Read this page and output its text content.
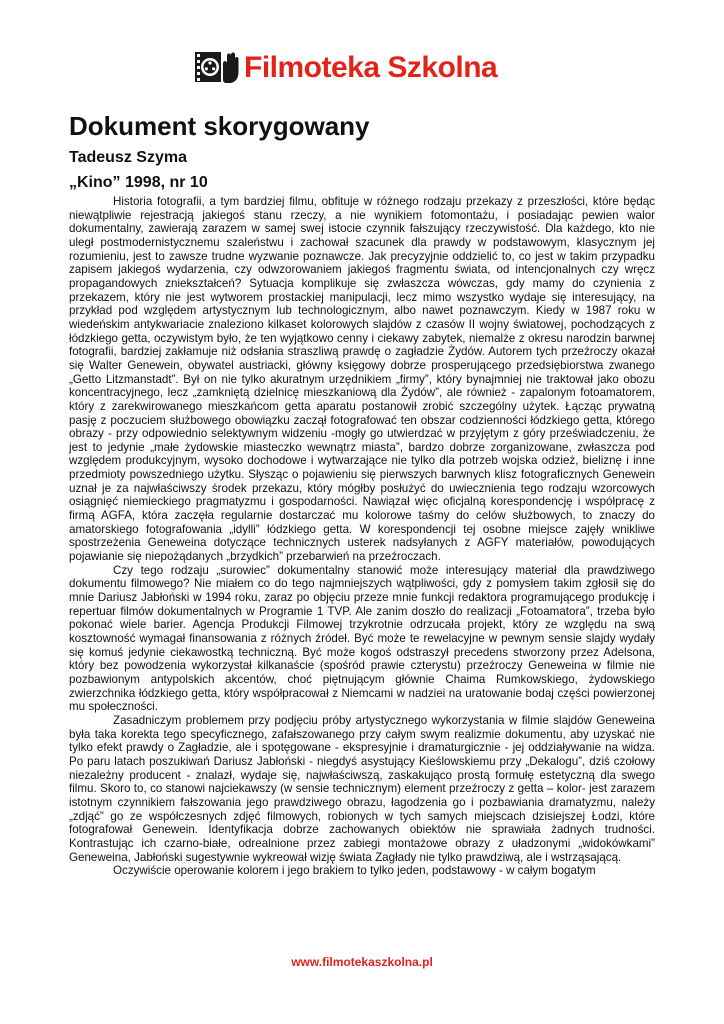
Filmoteka Szkolna
Dokument skorygowany
Tadeusz Szyma
„Kino” 1998, nr 10

Historia fotografii, a tym bardziej filmu, obfituje w różnego rodzaju przekazy z przeszłości, które będąc niewątpliwie rejestracją jakiegoś stanu rzeczy, a nie wynikiem fotomontażu, i posiadając pewien walor dokumentalny, zawierają zarazem w samej swej istocie czynnik fałszujący rzeczywistość. Dla każdego, kto nie uległ postmodernistycznemu szaleństwu i zachował szacunek dla prawdy w podstawowym, klasycznym jej rozumieniu, jest to zawsze trudne wyzwanie poznawcze. Jak precyzyjnie oddzielić to, co jest w takim przypadku zapisem jakiegoś wydarzenia, czy odwzorowaniem jakiegoś fragmentu świata, od intencjonalnych czy wręcz propagandowych zniekształceń? Sytuacja komplikuje się zwłaszcza wówczas, gdy mamy do czynienia z przekazem, który nie jest wytworem prostackiej manipulacji, lecz mimo wszystko wydaje się interesujący, na przykład pod względem artystycznym lub technologicznym, albo nawet poznawczym. Kiedy w 1987 roku w wiedeńskim antykwariacie znaleziono kilkaset kolorowych slajdów z czasów II wojny światowej, pochodzących z łódzkiego getta, oczywistym było, że ten wyjątkowo cenny i ciekawy zabytek, niemalże z okresu narodzin barwnej fotografii, bardziej zakłamuje niż odsłania straszliwą prawdę o zagładzie Żydów. Autorem tych przeźroczy okazał się Walter Genewein, obywatel austriacki, główny księgowy dobrze prosperującego przedsiębiorstwa zwanego „Getto Litzmanstadt”. Był on nie tylko akuratnym urzędnikiem „firmy”, który bynajmniej nie traktował jako obozu koncentracyjnego, lecz „zamkniętą dzielnicę mieszkaniową dla Żydów”, ale również - zapalonym fotoamatorem, który z zarekwirowanego mieszkańcom getta aparatu postanowił zrobić szczególny użytek. Łącząc prywatną pasję z poczuciem służbowego obowiązku zaczął fotografować ten obszar codzienności łódzkiego getta, którego obrazy - przy odpowiednio selektywnym widzeniu -mogły go utwierdzać w przyjętym z góry przeświadczeniu, że jest to jedynie „małe żydowskie miasteczko wewnątrz miasta”, bardzo dobrze zorganizowane, zwłaszcza pod względem produkcyjnym, wysoko dochodowe i wytwarzające nie tylko dla potrzeb wojska odzież, bieliznę i inne przedmioty powszedniego użytku. Słysząc o pojawieniu się pierwszych barwnych klisz fotograficznych Genewein uznał je za najwłaściwszy środek przekazu, który mógłby posłużyć do uwiecznienia tego rodzaju wzorcowych osiągnięć niemieckiego pragmatyzmu i gospodarności. Nawiązał więc oficjalną korespondencję i współpracę z firmą AGFA, która zaczęła regularnie dostarczać mu kolorowe taśmy do celów służbowych, to znaczy do amatorskiego fotografowania „idylli” łódzkiego getta. W korespondencji tej osobne miejsce zajęły wnikliwe spostrzeżenia Geneweina dotyczące technicznych usterek nadsyłanych z AGFY materiałów, powodujących pojawianie się niepożądanych „brzydkich” przebarwień na przeźroczach.

Czy tego rodzaju „surowiec” dokumentalny stanowić może interesujący materiał dla prawdziwego dokumentu filmowego? Nie miałem co do tego najmniejszych wątpliwości, gdy z pomysłem takim zgłosił się do mnie Dariusz Jabłoński w 1994 roku, zaraz po objęciu przeze mnie funkcji redaktora programującego produkcję i repertuar filmów dokumentalnych w Programie 1 TVP. Ale zanim doszło do realizacji „Fotoamatora”, trzeba było pokonać wiele barier. Agencja Produkcji Filmowej trzykrotnie odrzucała projekt, który ze względu na swą kosztowność wymagał finansowania z różnych źródeł. Być może te rewelacyjne w pewnym sensie slajdy wydały się komuś jedynie ciekawostką techniczną. Być może kogoś odstraszył precedens stworzony przez Adelsona, który bez powodzenia wykorzystał kilkanaście (spośród prawie czterystu) przeźroczy Geneweina w filmie nie pozbawionym antypolskich akcentów, choć piętnującym głównie Chaima Rumkowskiego, żydowskiego zwierzchnika łódzkiego getta, który współpracował z Niemcami w nadziei na uratowanie bodaj części powierzonej mu społeczności.

Zasadniczym problemem przy podjęciu próby artystycznego wykorzystania w filmie slajdów Geneweina była taka korekta tego specyficznego, zafałszowanego przy całym swym realizmie dokumentu, aby uzyskać nie tylko efekt prawdy o Zagładzie, ale i spotęgowane - ekspresyjnie i dramaturgicznie - jej oddziaływanie na widza. Po paru latach poszukiwań Dariusz Jabłoński - niegdyś asystujący Kieślowskiemu przy „Dekalogu”, dziś czołowy niezależny producent - znalazł, wydaje się, najwłaściwszą, zaskakująco prostą formułę estetyczną dla swego filmu. Skoro to, co stanowi najciekawszy (w sensie technicznym) element przeźroczy z getta – kolor- jest zarazem istotnym czynnikiem fałszowania jego prawdziwego obrazu, łagodzenia go i pozbawiania dramatyzmu, należy „zdjąć” go ze współczesnych zdjęć filmowych, robionych w tych samych miejscach dzisiejszej Łodzi, które fotografował Genewein. Identyfikacja dobrze zachowanych obiektów nie sprawiała żadnych trudności. Kontrastując ich czarno-białe, odrealnione przez zabiegi montażowe obrazy z uładzonymi „widokówkami” Geneweina, Jabłoński sugestywnie wykreował wizję świata Zagłady nie tylko prawdziwą, ale i wstrząsającą.

Oczywiście operowanie kolorem i jego brakiem to tylko jeden, podstawowy - w całym bogatym

www.filmotekaszkolna.pl
